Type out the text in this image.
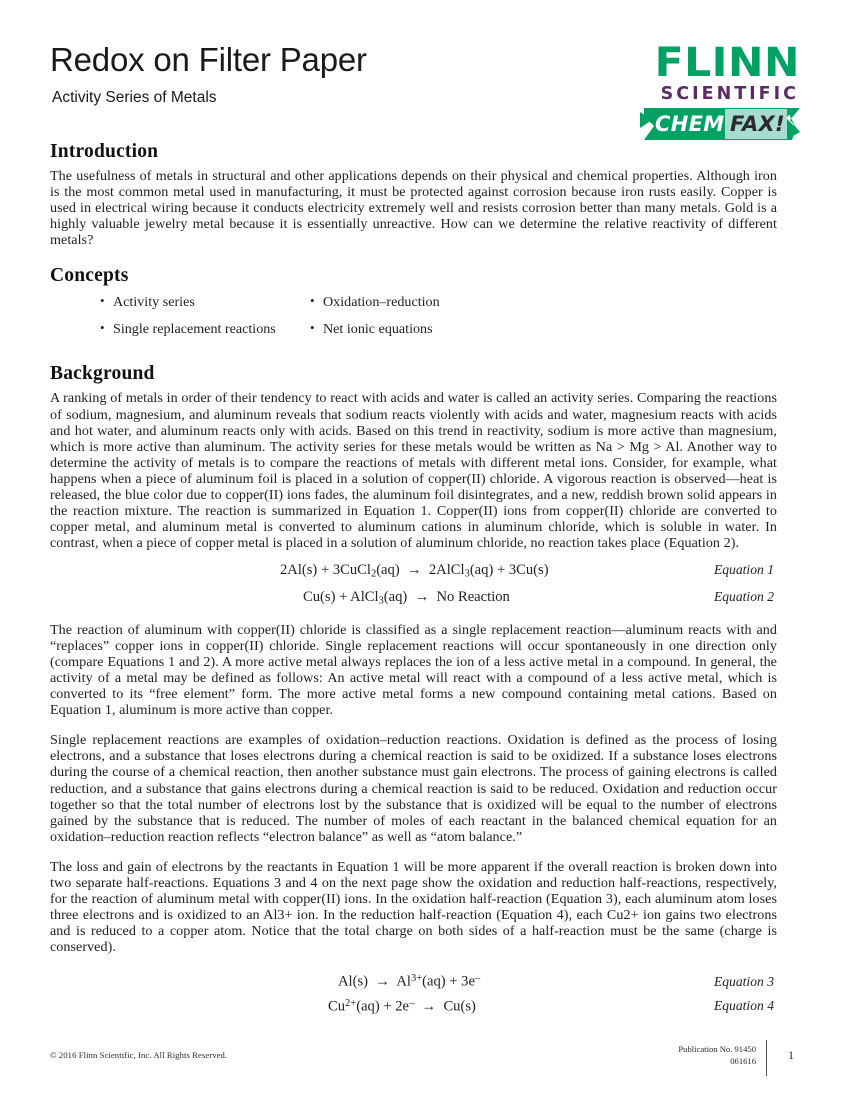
Redox on Filter Paper
Activity Series of Metals
FLINN
SCIENTIFIC
CHEM FAX!
Introduction

The usefulness of metals in structural and other applications depends on their physical and chemical properties. Although iron is the most common metal used in manufacturing, it must be protected against corrosion because iron rusts easily. Copper is used in electrical wiring because it conducts electricity extremely well and resists corrosion better than many metals. Gold is a highly valuable jewelry metal because it is essentially unreactive. How can we determine the relative reactivity of different metals?

Concepts
• Activity series
• Single replacement reactions
• Oxidation–reduction
• Net ionic equations
Background

A ranking of metals in order of their tendency to react with acids and water is called an activity series. Comparing the reactions of sodium, magnesium, and aluminum reveals that sodium reacts violently with acids and water, magnesium reacts with acids and hot water, and aluminum reacts only with acids. Based on this trend in reactivity, sodium is more active than magnesium, which is more active than aluminum. The activity series for these metals would be written as Na > Mg > Al. Another way to determine the activity of metals is to compare the reactions of metals with different metal ions. Consider, for example, what happens when a piece of aluminum foil is placed in a solution of copper(II) chloride. A vigorous reaction is observed—heat is released, the blue color due to copper(II) ions fades, the aluminum foil disintegrates, and a new, reddish brown solid appears in the reaction mixture. The reaction is summarized in Equation 1. Copper(II) ions from copper(II) chloride are converted to copper metal, and aluminum metal is converted to aluminum cations in aluminum chloride, which is soluble in water. In contrast, when a piece of copper metal is placed in a solution of aluminum chloride, no reaction takes place (Equation 2).

2Al(s) + 3CuCl$_2$(aq) → 2AlCl$_3$(aq) + 3Cu(s)	Equation 1
Cu(s) + AlCl$_3$(aq) → No Reaction	Equation 2

The reaction of aluminum with copper(II) chloride is classified as a single replacement reaction—aluminum reacts with and “replaces” copper ions in copper(II) chloride. Single replacement reactions will occur spontaneously in one direction only (compare Equations 1 and 2). A more active metal always replaces the ion of a less active metal in a compound. In general, the activity of a metal may be defined as follows: An active metal will react with a compound of a less active metal, which is converted to its “free element” form. The more active metal forms a new compound containing metal cations. Based on Equation 1, aluminum is more active than copper.

Single replacement reactions are examples of oxidation–reduction reactions. Oxidation is defined as the process of losing electrons, and a substance that loses electrons during a chemical reaction is said to be oxidized. If a substance loses electrons during the course of a chemical reaction, then another substance must gain electrons. The process of gaining electrons is called reduction, and a substance that gains electrons during a chemical reaction is said to be reduced. Oxidation and reduction occur together so that the total number of electrons lost by the substance that is oxidized will be equal to the number of electrons gained by the substance that is reduced. The number of moles of each reactant in the balanced chemical equation for an oxidation–reduction reaction reflects “electron balance” as well as “atom balance.”

The loss and gain of electrons by the reactants in Equation 1 will be more apparent if the overall reaction is broken down into two separate half-reactions. Equations 3 and 4 on the next page show the oxidation and reduction half-reactions, respectively, for the reaction of aluminum metal with copper(II) ions. In the oxidation half-reaction (Equation 3), each aluminum atom loses three electrons and is oxidized to an Al3+ ion. In the reduction half-reaction (Equation 4), each Cu2+ ion gains two electrons and is reduced to a copper atom. Notice that the total charge on both sides of a half-reaction must be the same (charge is conserved).

$Al(s) \to Al^{3+}(aq) + 3e^-$	Equation 3
$Cu^{2+}(aq) + 2e^- \to Cu(s)$	Equation 4
© 2016 Flinn Scientific, Inc. All Rights Reserved.
Publication No. 91450
061616	1
